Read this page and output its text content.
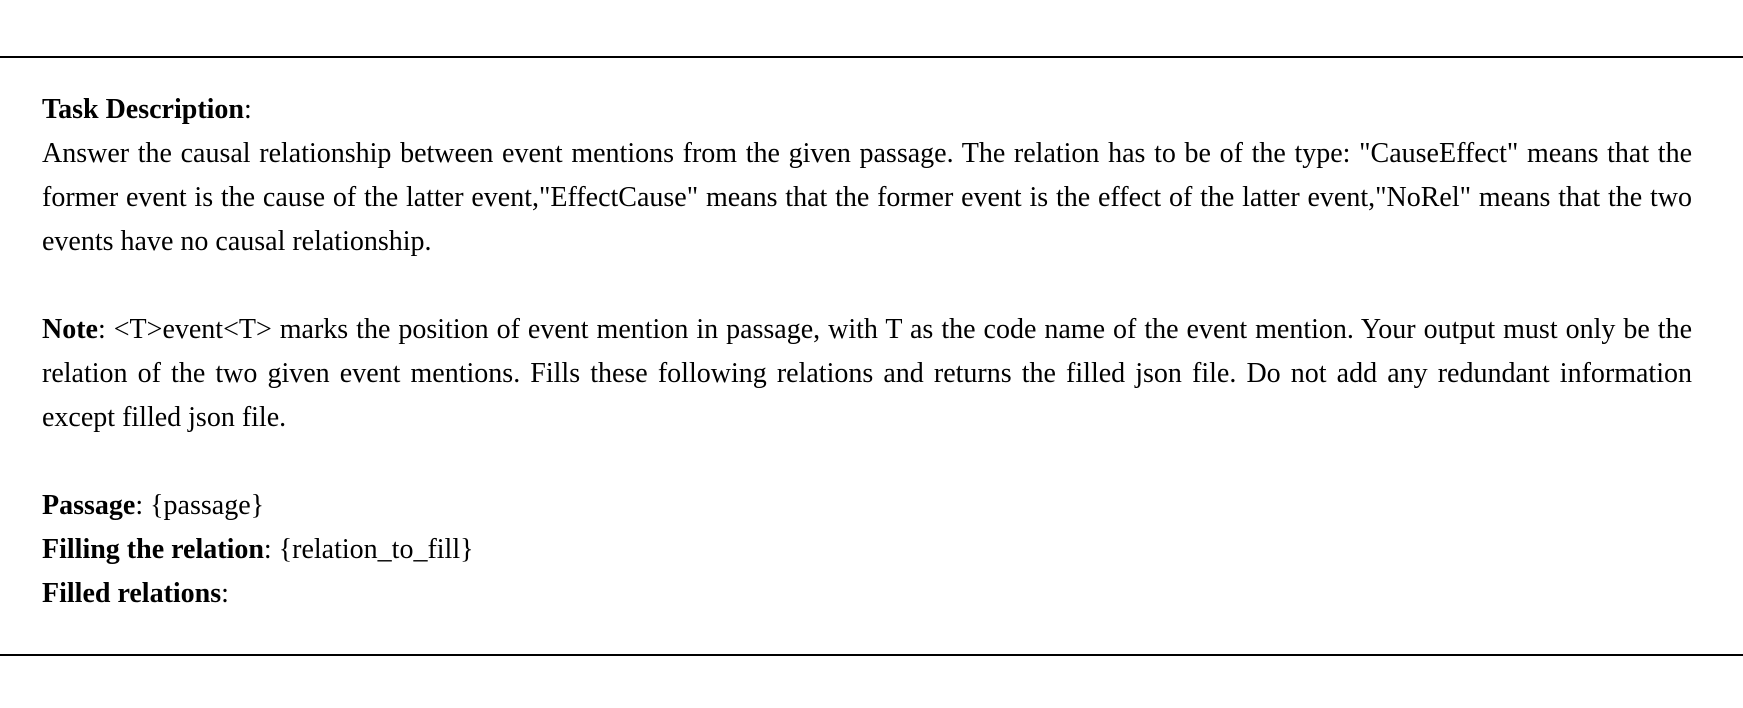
Task Description:

Answer the causal relationship between event mentions from the given passage. The relation has to be of the type: "CauseEffect" means that the former event is the cause of the latter event,"EffectCause" means that the former event is the effect of the latter event,"NoRel" means that the two events have no causal relationship.

Note: <T>event<T> marks the position of event mention in passage, with T as the code name of the event mention. Your output must only be the relation of the two given event mentions. Fills these following relations and returns the filled json file. Do not add any redundant information except filled json file.

Passage: {passage}

Filling the relation: {relation_to_fill}

Filled relations:
